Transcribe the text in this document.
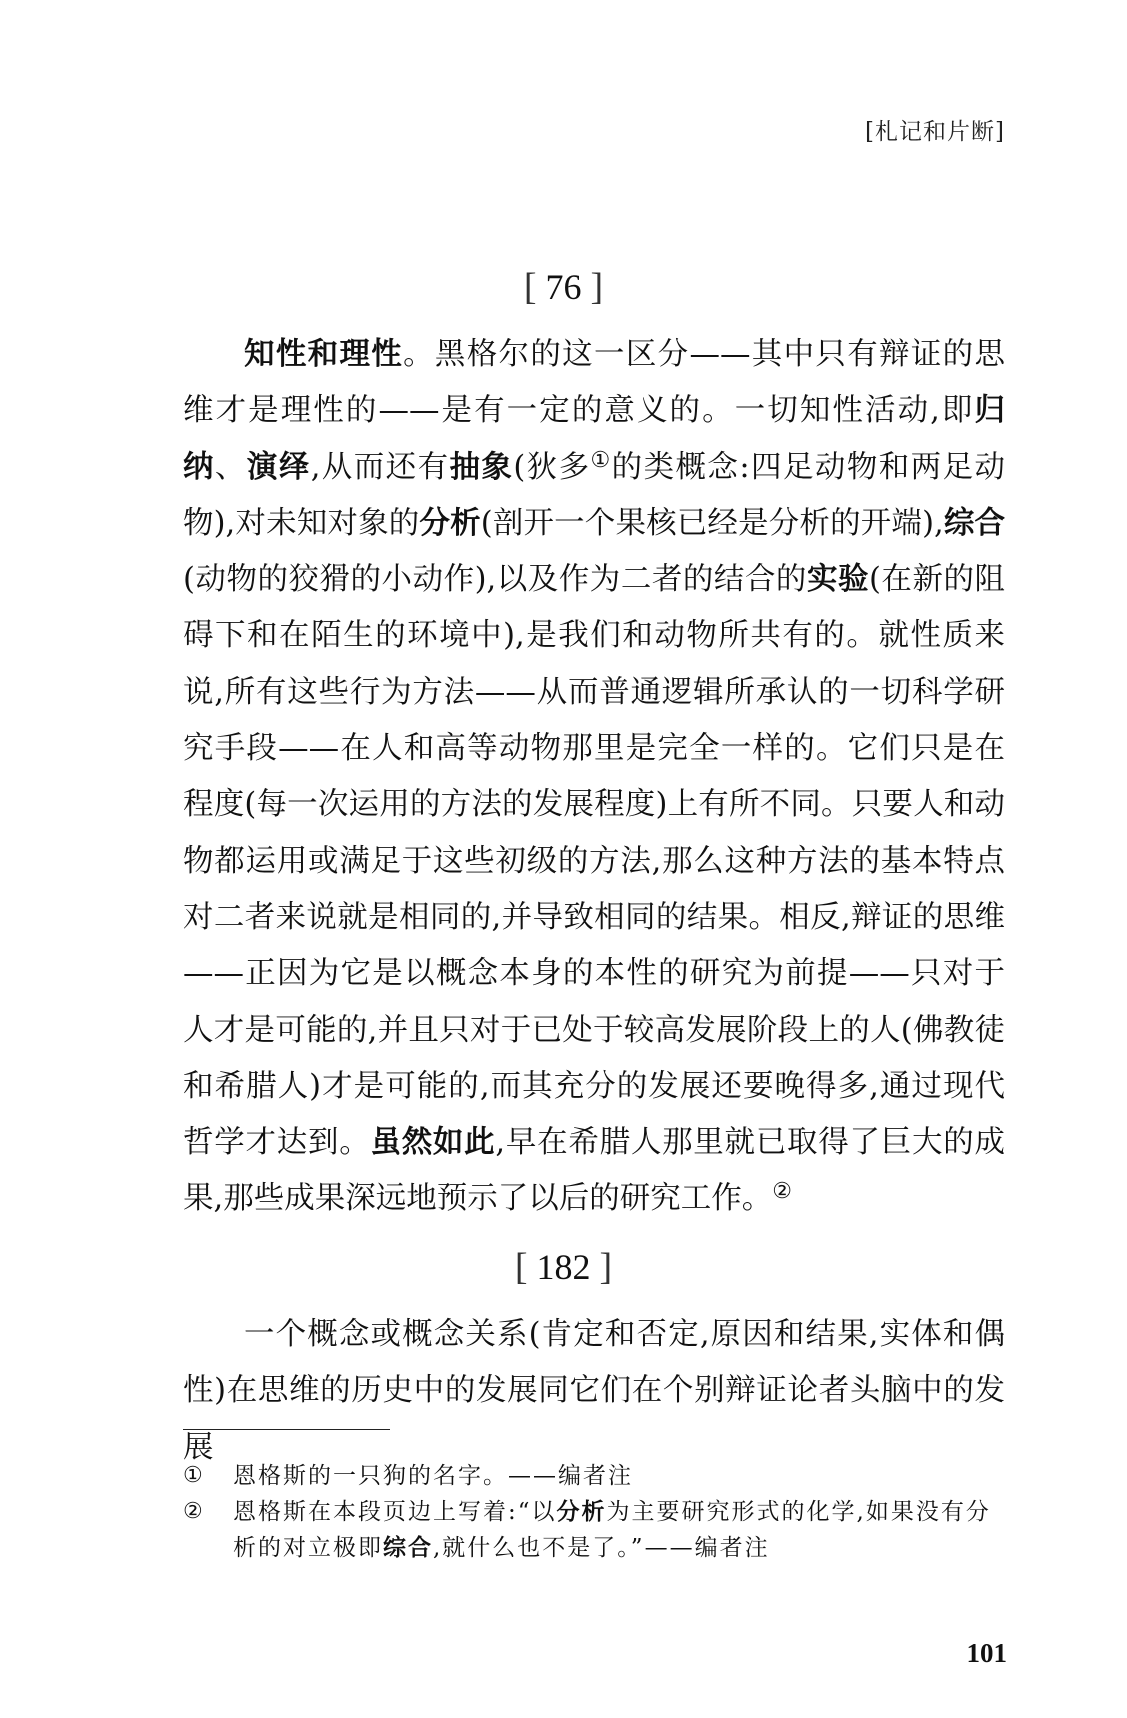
[札记和片断]
[ 76 ]

知性和理性。黑格尔的这一区分——其中只有辩证的思维才是理性的——是有一定的意义的。一切知性活动,即归纳、演绎,从而还有抽象(狄多①的类概念:四足动物和两足动物),对未知对象的分析(剖开一个果核已经是分析的开端),综合(动物的狡猾的小动作),以及作为二者的结合的实验(在新的阻碍下和在陌生的环境中),是我们和动物所共有的。就性质来说,所有这些行为方法——从而普通逻辑所承认的一切科学研究手段——在人和高等动物那里是完全一样的。它们只是在程度(每一次运用的方法的发展程度)上有所不同。只要人和动物都运用或满足于这些初级的方法,那么这种方法的基本特点对二者来说就是相同的,并导致相同的结果。相反,辩证的思维——正因为它是以概念本身的本性的研究为前提——只对于人才是可能的,并且只对于已处于较高发展阶段上的人(佛教徒和希腊人)才是可能的,而其充分的发展还要晚得多,通过现代哲学才达到。虽然如此,早在希腊人那里就已取得了巨大的成果,那些成果深远地预示了以后的研究工作。②

[ 182 ]

一个概念或概念关系(肯定和否定,原因和结果,实体和偶性)在思维的历史中的发展同它们在个别辩证论者头脑中的发展

①	恩格斯的一只狗的名字。——编者注
②	恩格斯在本段页边上写着:“以分析为主要研究形式的化学,如果没有分析的对立极即综合,就什么也不是了。”——编者注
101
